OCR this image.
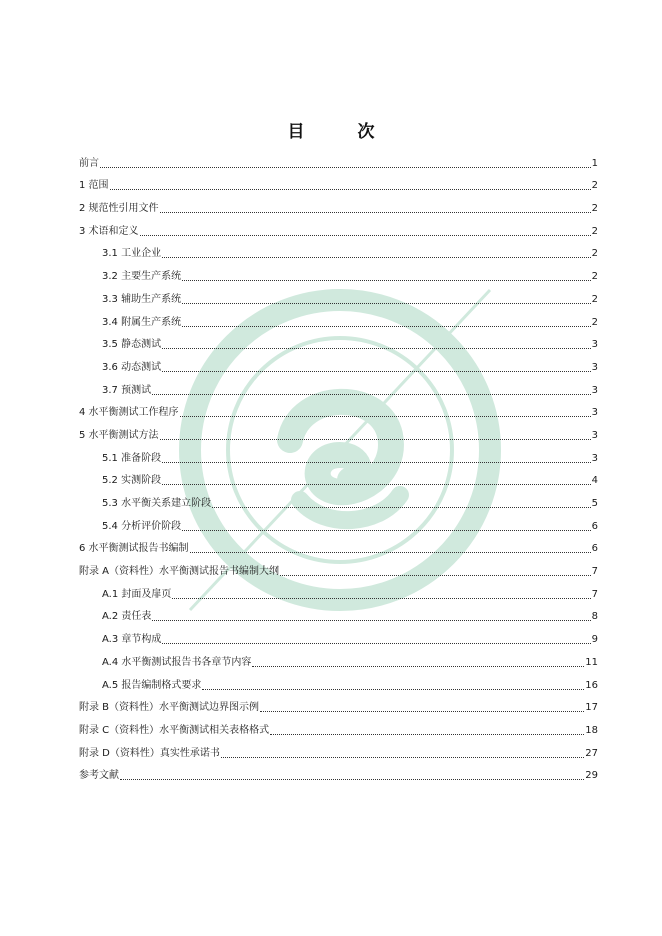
目　次
前言	1
1 范围	2
2 规范性引用文件	2
3 术语和定义	2
3.1 工业企业	2
3.2 主要生产系统	2
3.3 辅助生产系统	2
3.4 附属生产系统	2
3.5 静态测试	3
3.6 动态测试	3
3.7 预测试	3
4 水平衡测试工作程序	3
5 水平衡测试方法	3
5.1 准备阶段	3
5.2 实测阶段	4
5.3 水平衡关系建立阶段	5
5.4 分析评价阶段	6
6 水平衡测试报告书编制	6
附录 A（资料性）水平衡测试报告书编制大纲	7
A.1 封面及扉页	7
A.2 责任表	8
A.3 章节构成	9
A.4 水平衡测试报告书各章节内容	11
A.5 报告编制格式要求	16
附录 B（资料性）水平衡测试边界图示例	17
附录 C（资料性）水平衡测试相关表格格式	18
附录 D（资料性）真实性承诺书	27
参考文献	29
